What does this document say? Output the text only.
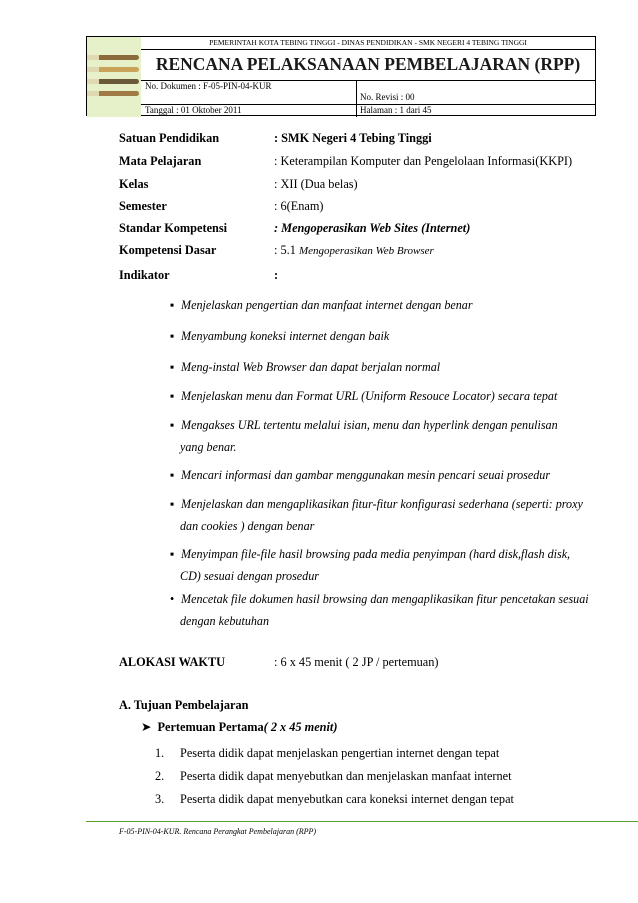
PEMERINTAH KOTA TEBING TINGGI - DINAS PENDIDIKAN - SMK NEGERI 4 TEBING TINGGI
RENCANA PELAKSANAAN PEMBELAJARAN (RPP)
No. Dokumen : F-05-PIN-04-KUR
No. Revisi : 00
Tanggal : 01 Oktober 2011	Halaman : 1 dari 45
Satuan Pendidikan	: SMK Negeri 4 Tebing Tinggi
Mata Pelajaran	: Keterampilan Komputer dan Pengelolaan Informasi(KKPI)
Kelas	: XII (Dua belas)
Semester	: 6(Enam)
Standar Kompetensi	: Mengoperasikan Web Sites (Internet)
Kompetensi Dasar	: 5.1 Mengoperasikan Web Browser
Indikator	:
▪ Menjelaskan pengertian dan manfaat internet dengan benar
▪ Menyambung koneksi internet dengan baik
▪ Meng-instal Web Browser dan dapat berjalan normal
▪ Menjelaskan menu dan Format URL (Uniform Resouce Locator) secara tepat
▪ Mengakses URL tertentu melalui isian, menu dan hyperlink dengan penulisan
yang benar.
▪ Mencari informasi dan gambar menggunakan mesin pencari seuai prosedur
▪ Menjelaskan dan mengaplikasikan fitur-fitur konfigurasi sederhana (seperti: proxy
dan cookies ) dengan benar
▪ Menyimpan file-file hasil browsing pada media penyimpan (hard disk,flash disk,
CD) sesuai dengan prosedur
• Mencetak file dokumen hasil browsing dan mengaplikasikan fitur pencetakan sesuai
dengan kebutuhan
ALOKASI WAKTU	: 6 x 45 menit ( 2 JP / pertemuan)
A. Tujuan Pembelajaran
➤ Pertemuan Pertama( 2 x 45 menit)
1. Peserta didik dapat menjelaskan pengertian internet dengan tepat
2. Peserta didik dapat menyebutkan dan menjelaskan manfaat internet
3. Peserta didik dapat menyebutkan cara koneksi internet dengan tepat
F-05-PIN-04-KUR. Rencana Perangkat Pembelajaran (RPP)
